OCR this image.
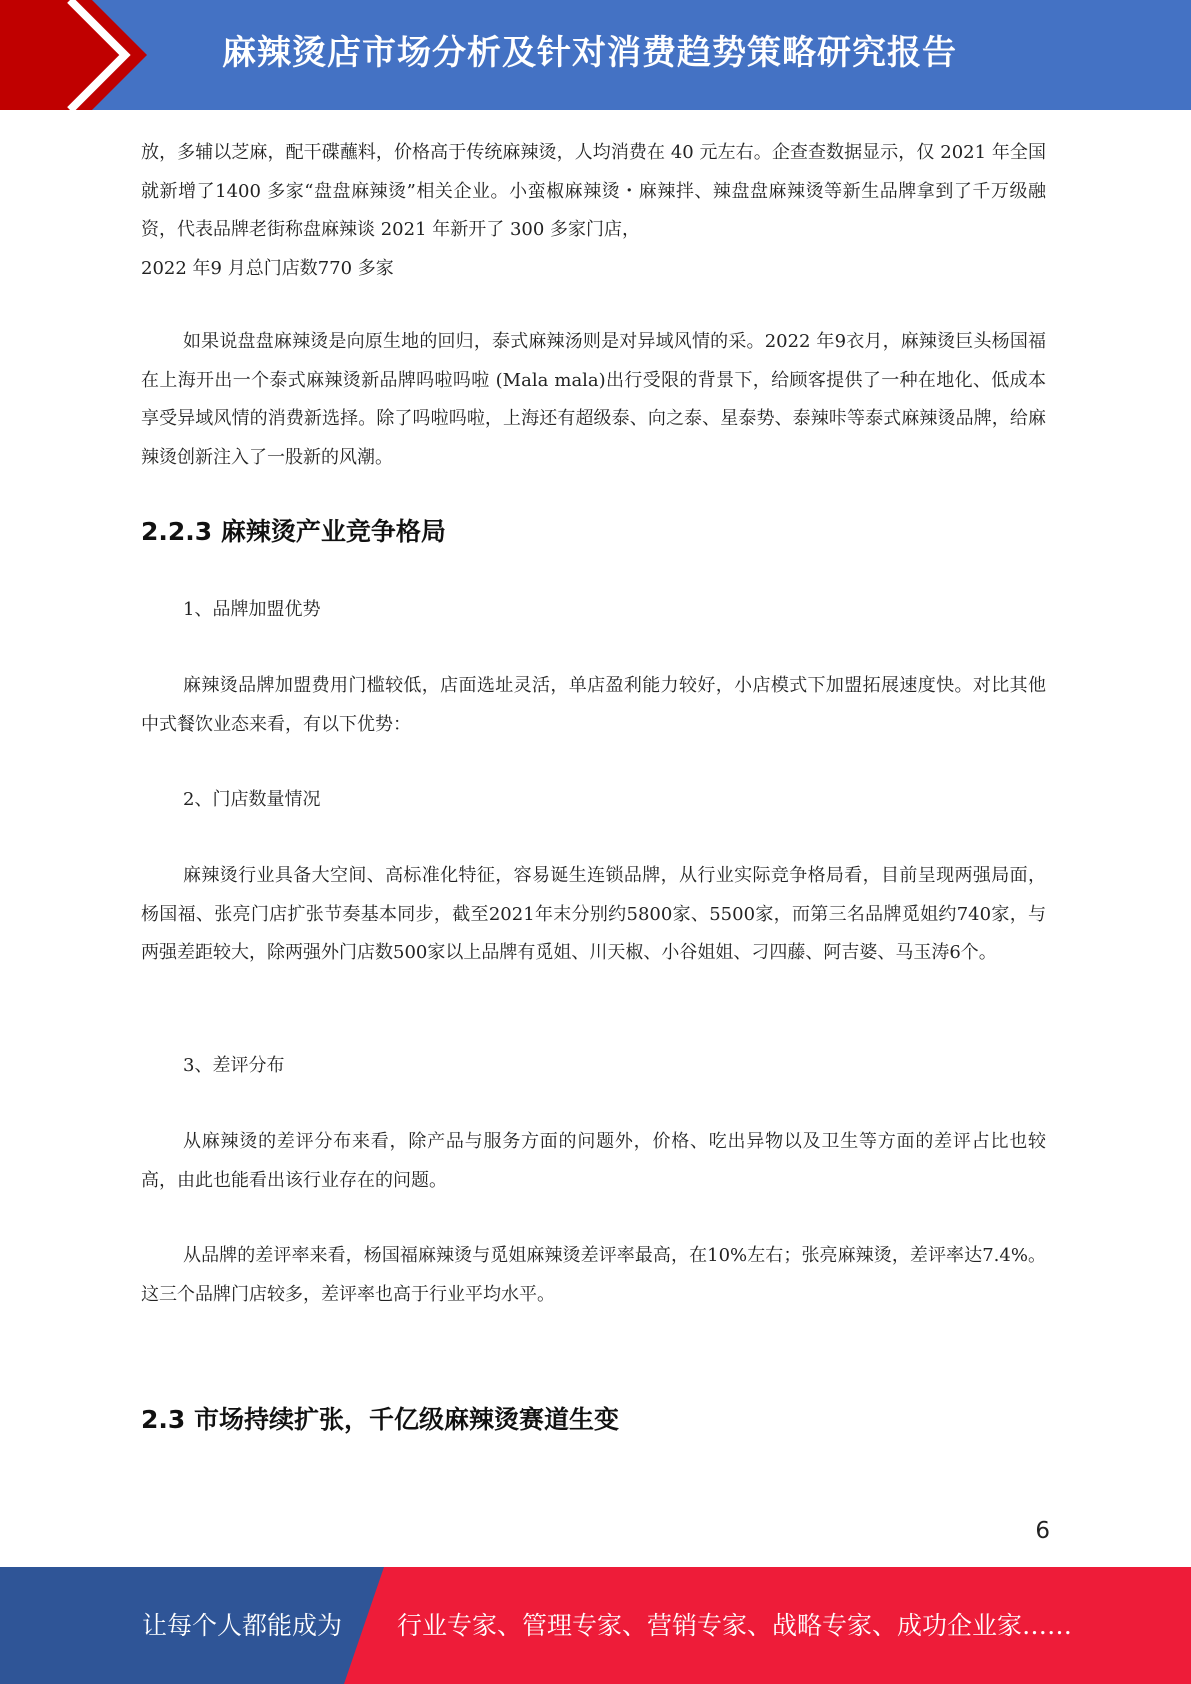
麻辣烫店市场分析及针对消费趋势策略研究报告

放，多辅以芝麻，配干碟蘸料，价格高于传统麻辣烫，人均消费在 40 元左右。企查查数据显示，仅 2021 年全国就新增了1400 多家“盘盘麻辣烫”相关企业。小蛮椒麻辣烫・麻辣拌、辣盘盘麻辣烫等新生品牌拿到了千万级融资，代表品牌老街称盘麻辣谈 2021 年新开了 300 多家门店，

2022 年9 月总门店数770 多家

如果说盘盘麻辣烫是向原生地的回归，泰式麻辣汤则是对异域风情的采。2022 年9衣月，麻辣烫巨头杨国福在上海开出一个泰式麻辣烫新品牌吗啦吗啦 (Mala mala)出行受限的背景下，给顾客提供了一种在地化、低成本享受异域风情的消费新选择。除了吗啦吗啦，上海还有超级泰、向之泰、星泰势、泰辣咔等泰式麻辣烫品牌，给麻辣烫创新注入了一股新的风潮。

2.2.3 麻辣烫产业竞争格局

1、品牌加盟优势

麻辣烫品牌加盟费用门槛较低，店面选址灵活，单店盈利能力较好，小店模式下加盟拓展速度快。对比其他中式餐饮业态来看，有以下优势：

2、门店数量情况

麻辣烫行业具备大空间、高标准化特征，容易诞生连锁品牌，从行业实际竞争格局看，目前呈现两强局面，杨国福、张亮门店扩张节奏基本同步，截至2021年末分别约5800家、5500家，而第三名品牌觅姐约740家，与两强差距较大，除两强外门店数500家以上品牌有觅姐、川天椒、小谷姐姐、刁四藤、阿吉婆、马玉涛6个。

3、差评分布

从麻辣烫的差评分布来看，除产品与服务方面的问题外，价格、吃出异物以及卫生等方面的差评占比也较高，由此也能看出该行业存在的问题。

从品牌的差评率来看，杨国福麻辣烫与觅姐麻辣烫差评率最高，在10%左右；张亮麻辣烫，差评率达7.4%。这三个品牌门店较多，差评率也高于行业平均水平。

2.3 市场持续扩张，千亿级麻辣烫赛道生变

6
让每个人都能成为 行业专家、管理专家、营销专家、战略专家、成功企业家……
